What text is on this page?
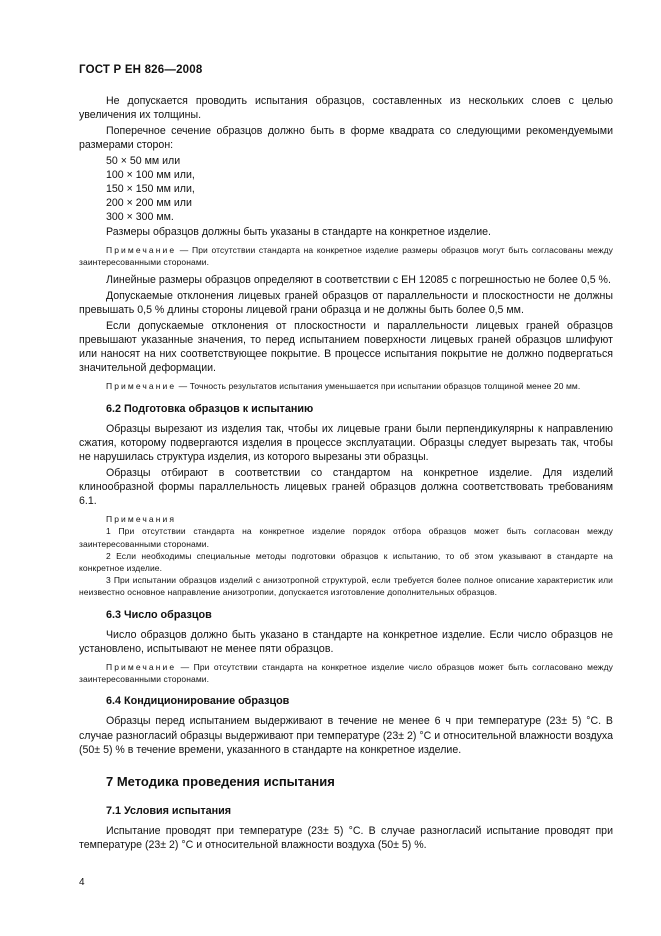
ГОСТ Р ЕН 826—2008

Не допускается проводить испытания образцов, составленных из нескольких слоев с целью увеличения их толщины.

Поперечное сечение образцов должно быть в форме квадрата со следующими рекомендуемыми размерами сторон:

50 × 50 мм или

100 × 100 мм или,

150 × 150 мм или,

200 × 200 мм или

300 × 300 мм.

Размеры образцов должны быть указаны в стандарте на конкретное изделие.

Примечание — При отсутствии стандарта на конкретное изделие размеры образцов могут быть согласованы между заинтересованными сторонами.

Линейные размеры образцов определяют в соответствии с ЕН 12085 с погрешностью не более 0,5 %.

Допускаемые отклонения лицевых граней образцов от параллельности и плоскостности не должны превышать 0,5 % длины стороны лицевой грани образца и не должны быть более 0,5 мм.

Если допускаемые отклонения от плоскостности и параллельности лицевых граней образцов превышают указанные значения, то перед испытанием поверхности лицевых граней образцов шлифуют или наносят на них соответствующее покрытие. В процессе испытания покрытие не должно подвергаться значительной деформации.

Примечание — Точность результатов испытания уменьшается при испытании образцов толщиной менее 20 мм.

6.2 Подготовка образцов к испытанию

Образцы вырезают из изделия так, чтобы их лицевые грани были перпендикулярны к направлению сжатия, которому подвергаются изделия в процессе эксплуатации. Образцы следует вырезать так, чтобы не нарушилась структура изделия, из которого вырезаны эти образцы.

Образцы отбирают в соответствии со стандартом на конкретное изделие. Для изделий клинообразной формы параллельность лицевых граней образцов должна соответствовать требованиям 6.1.

Примечания

1 При отсутствии стандарта на конкретное изделие порядок отбора образцов может быть согласован между заинтересованными сторонами.

2 Если необходимы специальные методы подготовки образцов к испытанию, то об этом указывают в стандарте на конкретное изделие.

3 При испытании образцов изделий с анизотропной структурой, если требуется более полное описание характеристик или неизвестно основное направление анизотропии, допускается изготовление дополнительных образцов.

6.3 Число образцов

Число образцов должно быть указано в стандарте на конкретное изделие. Если число образцов не установлено, испытывают не менее пяти образцов.

Примечание — При отсутствии стандарта на конкретное изделие число образцов может быть согласовано между заинтересованными сторонами.

6.4 Кондиционирование образцов

Образцы перед испытанием выдерживают в течение не менее 6 ч при температуре (23± 5) °С. В случае разногласий образцы выдерживают при температуре (23± 2) °С и относительной влажности воздуха (50± 5) % в течение времени, указанного в стандарте на конкретное изделие.

7 Методика проведения испытания
7.1 Условия испытания

Испытание проводят при температуре (23± 5) °С. В случае разногласий испытание проводят при температуре (23± 2) °С и относительной влажности воздуха (50± 5) %.

4
